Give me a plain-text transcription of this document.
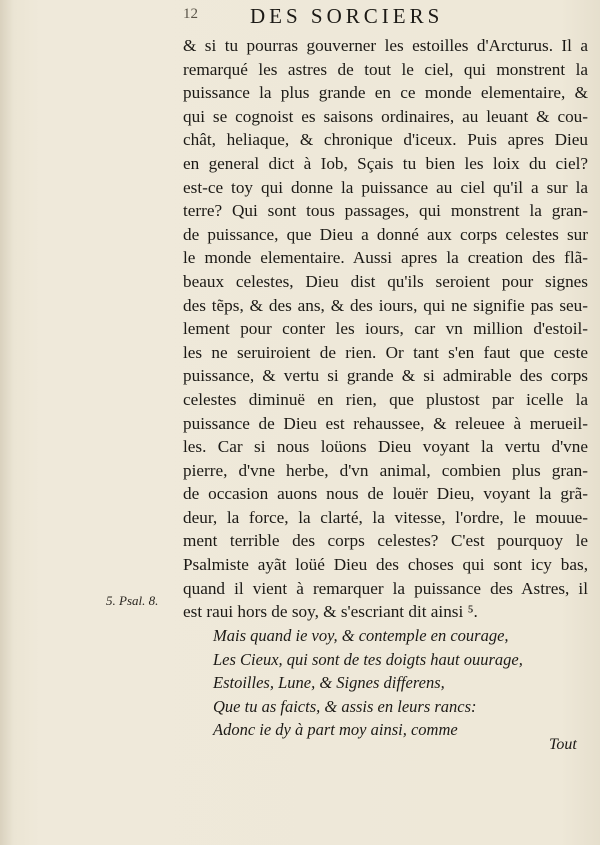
12 DES SORCIERS
& si tu pourras gouverner les estoilles d'Arcturus. Il a
remarqué les astres de tout le ciel, qui monstrent la
puissance la plus grande en ce monde elementaire, &
qui se cognoist es saisons ordinaires, au leuant & cou-
chât, heliaque, & chronique d'iceux. Puis apres Dieu
en general dict à Iob, Sçais tu bien les loix du ciel?
est-ce toy qui donne la puissance au ciel qu'il a sur la
terre? Qui sont tous passages, qui monstrent la gran-
de puissance, que Dieu a donné aux corps celestes sur
le monde elementaire. Aussi apres la creation des flã-
beaux celestes, Dieu dist qu'ils seroient pour signes
des tẽps, & des ans, & des iours, qui ne signifie pas seu-
lement pour conter les iours, car vn million d'estoil-
les ne seruiroient de rien. Or tant s'en faut que ceste
puissance, & vertu si grande & si admirable des corps
celestes diminuë en rien, que plustost par icelle la
puissance de Dieu est rehaussee, & releuee à merueil-
les. Car si nous loüons Dieu voyant la vertu d'vne
pierre, d'vne herbe, d'vn animal, combien plus gran-
de occasion auons nous de louër Dieu, voyant la grã-
deur, la force, la clarté, la vitesse, l'ordre, le mouue-
ment terrible des corps celestes? C'est pourquoy le
Psalmiste ayãt loüé Dieu des choses qui sont icy bas,
quand il vient à remarquer la puissance des Astres, il
est raui hors de soy, & s'escriant dit ainsi ⁵.
5. Psal. 8.
Mais quand ie voy, & contemple en courage,
Les Cieux, qui sont de tes doigts haut ouurage,
Estoilles, Lune, & Signes differens,
Que tu as faicts, & assis en leurs rancs:
Adonc ie dy à part moy ainsi, comme
Tout
